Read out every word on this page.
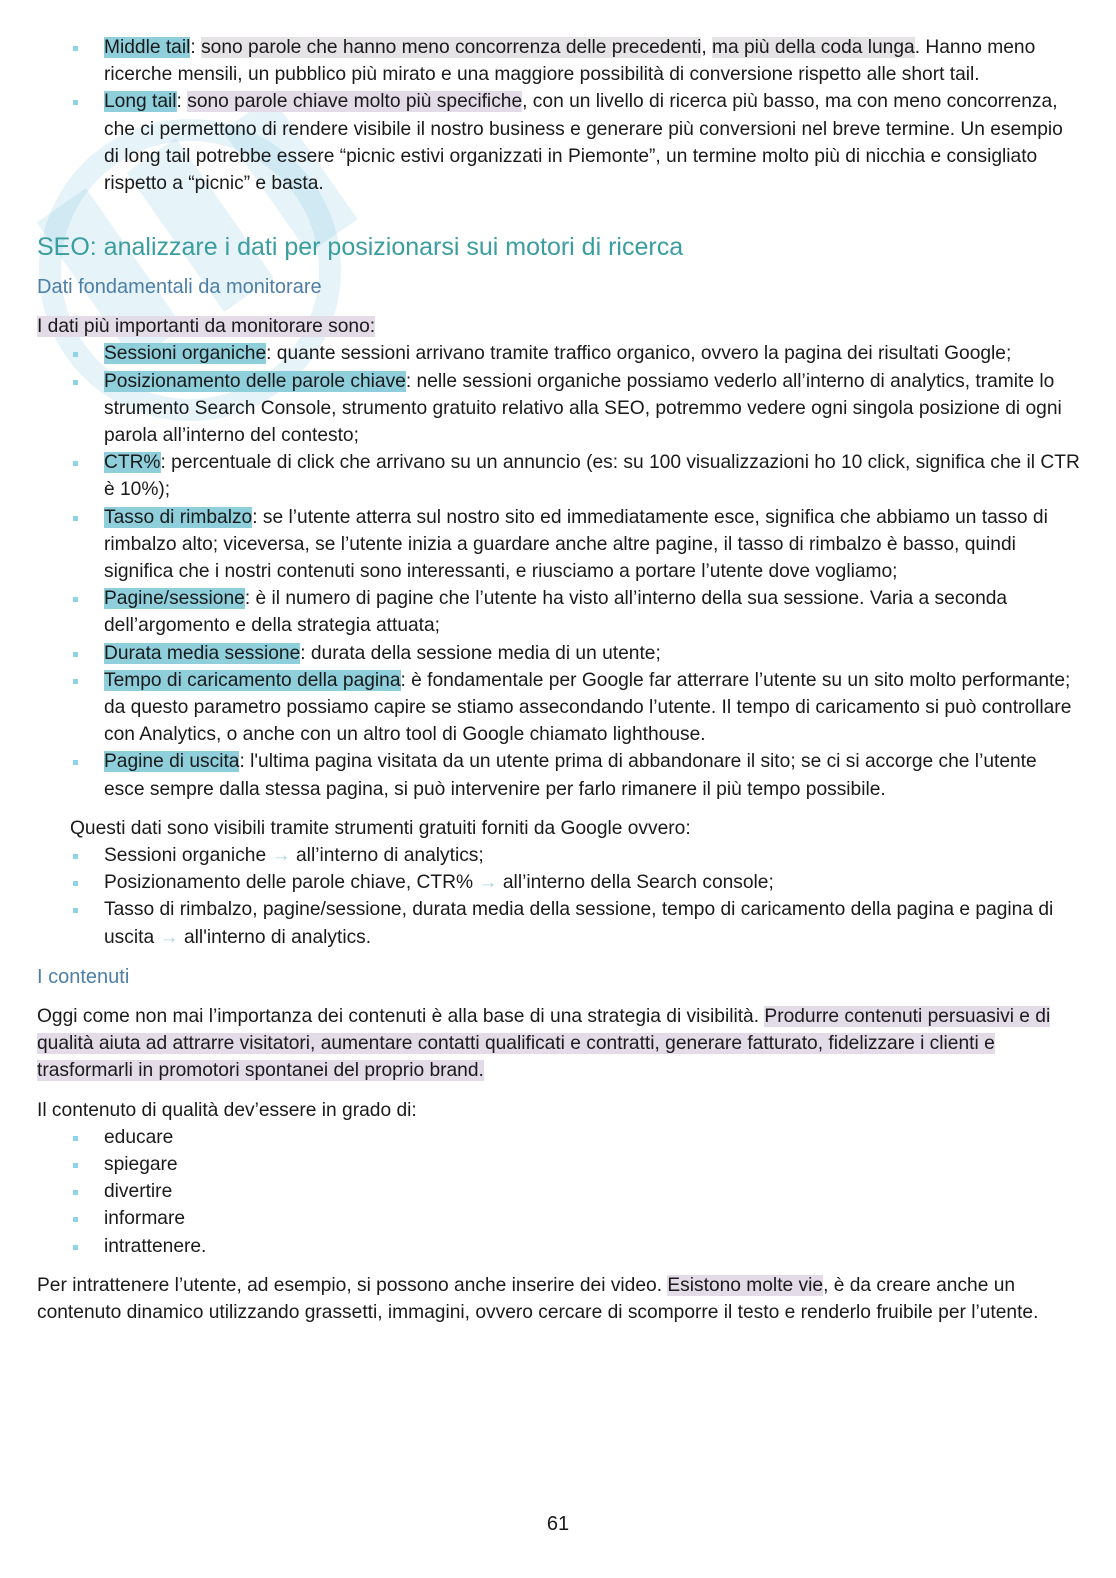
Middle tail: sono parole che hanno meno concorrenza delle precedenti, ma più della coda lunga. Hanno meno ricerche mensili, un pubblico più mirato e una maggiore possibilità di conversione rispetto alle short tail.
Long tail: sono parole chiave molto più specifiche, con un livello di ricerca più basso, ma con meno concorrenza, che ci permettono di rendere visibile il nostro business e generare più conversioni nel breve termine. Un esempio di long tail potrebbe essere “picnic estivi organizzati in Piemonte”, un termine molto più di nicchia e consigliato rispetto a “picnic” e basta.
SEO: analizzare i dati per posizionarsi sui motori di ricerca
Dati fondamentali da monitorare

I dati più importanti da monitorare sono:

Sessioni organiche: quante sessioni arrivano tramite traffico organico, ovvero la pagina dei risultati Google;
Posizionamento delle parole chiave: nelle sessioni organiche possiamo vederlo all’interno di analytics, tramite lo strumento Search Console, strumento gratuito relativo alla SEO, potremmo vedere ogni singola posizione di ogni parola all’interno del contesto;
CTR%: percentuale di click che arrivano su un annuncio (es: su 100 visualizzazioni ho 10 click, significa che il CTR è 10%);
Tasso di rimbalzo: se l’utente atterra sul nostro sito ed immediatamente esce, significa che abbiamo un tasso di rimbalzo alto; viceversa, se l’utente inizia a guardare anche altre pagine, il tasso di rimbalzo è basso, quindi significa che i nostri contenuti sono interessanti, e riusciamo a portare l’utente dove vogliamo;
Pagine/sessione: è il numero di pagine che l’utente ha visto all’interno della sua sessione. Varia a seconda dell’argomento e della strategia attuata;
Durata media sessione: durata della sessione media di un utente;
Tempo di caricamento della pagina: è fondamentale per Google far atterrare l’utente su un sito molto performante; da questo parametro possiamo capire se stiamo assecondando l’utente. Il tempo di caricamento si può controllare con Analytics, o anche con un altro tool di Google chiamato lighthouse.
Pagine di uscita: l'ultima pagina visitata da un utente prima di abbandonare il sito; se ci si accorge che l’utente esce sempre dalla stessa pagina, si può intervenire per farlo rimanere il più tempo possibile.

Questi dati sono visibili tramite strumenti gratuiti forniti da Google ovvero:

Sessioni organiche → all’interno di analytics;
Posizionamento delle parole chiave, CTR% → all’interno della Search console;
Tasso di rimbalzo, pagine/sessione, durata media della sessione, tempo di caricamento della pagina e pagina di uscita → all'interno di analytics.
I contenuti

Oggi come non mai l’importanza dei contenuti è alla base di una strategia di visibilità. Produrre contenuti persuasivi e di qualità aiuta ad attrarre visitatori, aumentare contatti qualificati e contratti, generare fatturato, fidelizzare i clienti e trasformarli in promotori spontanei del proprio brand.

Il contenuto di qualità dev’essere in grado di:

educare
spiegare
divertire
informare
intrattenere.

Per intrattenere l’utente, ad esempio, si possono anche inserire dei video. Esistono molte vie, è da creare anche un contenuto dinamico utilizzando grassetti, immagini, ovvero cercare di scomporre il testo e renderlo fruibile per l’utente.

61
